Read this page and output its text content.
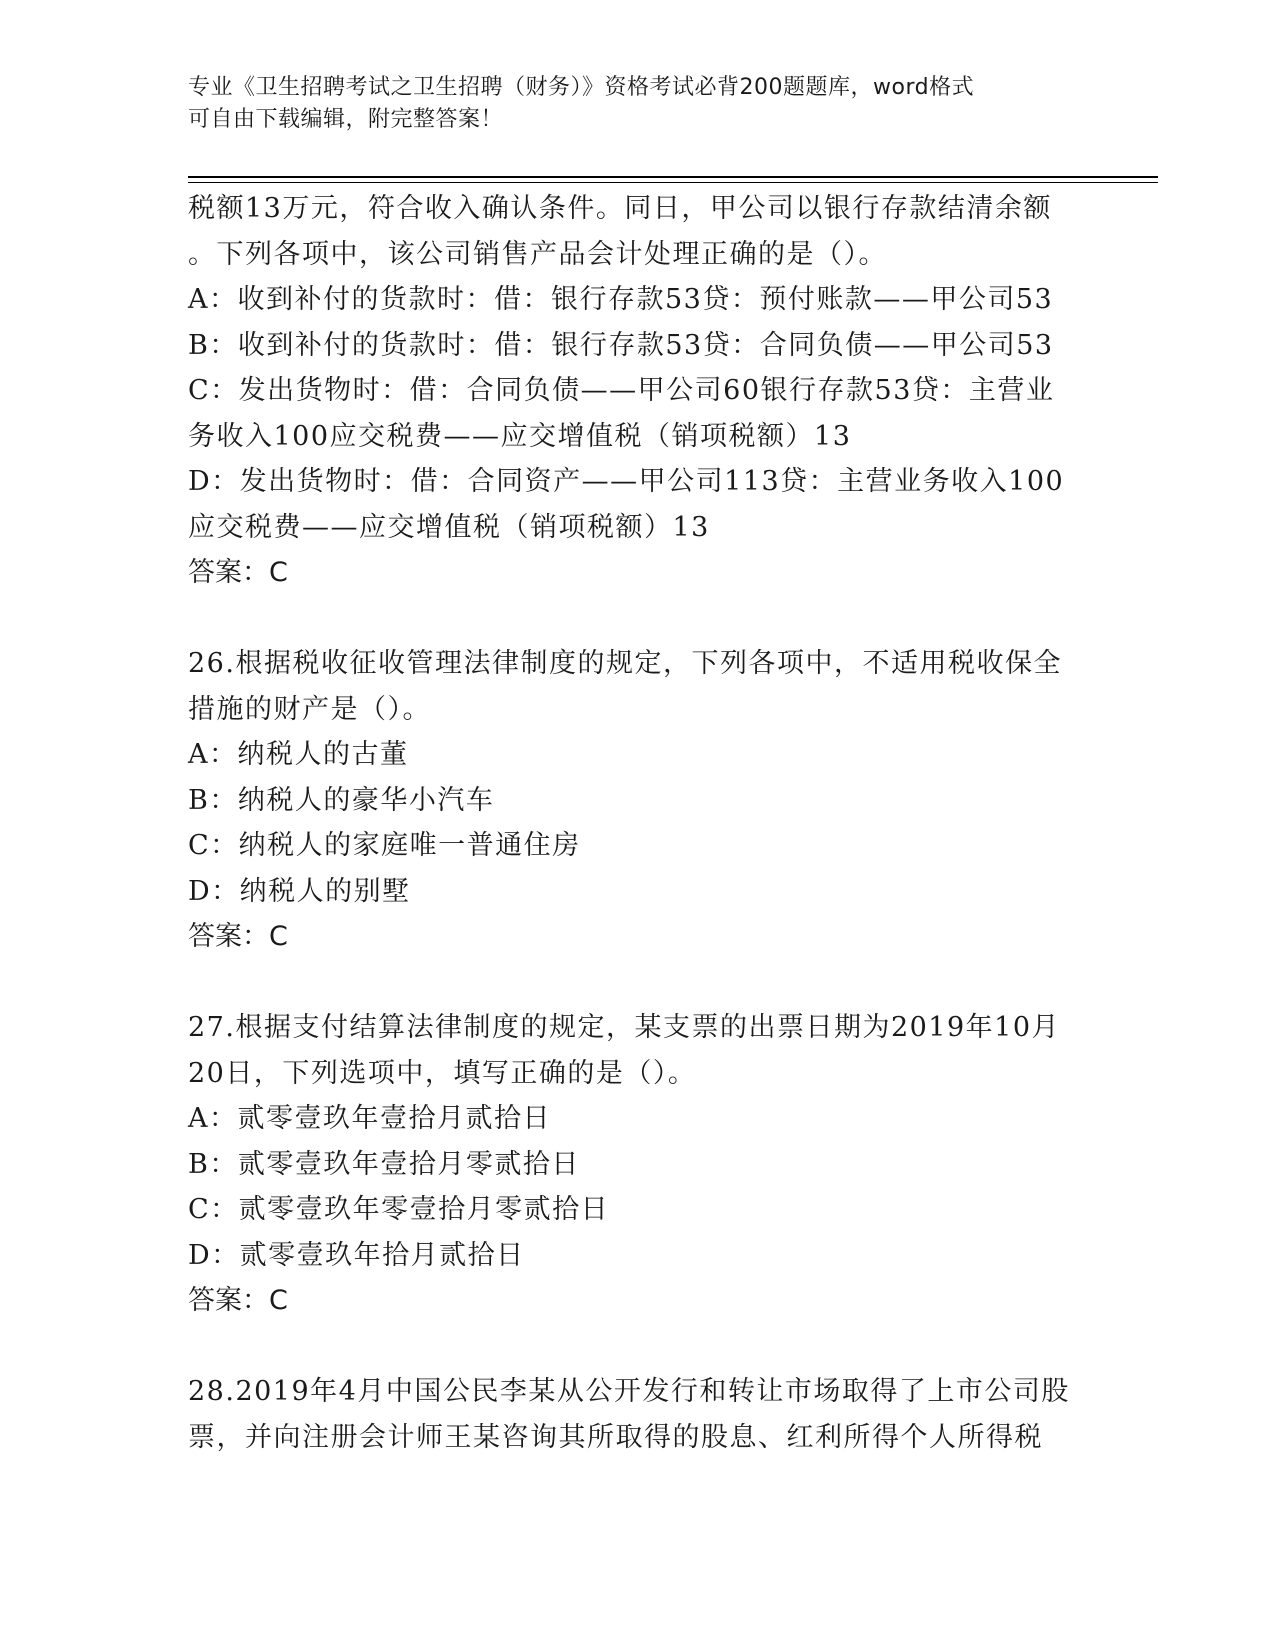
专业《卫生招聘考试之卫生招聘（财务）》资格考试必背200题题库，word格式
可自由下载编辑，附完整答案！
税额13万元，符合收入确认条件。同日，甲公司以银行存款结清余额
。下列各项中，该公司销售产品会计处理正确的是（）。
A：收到补付的货款时：借：银行存款53贷：预付账款——甲公司53
B：收到补付的货款时：借：银行存款53贷：合同负债——甲公司53
C：发出货物时：借：合同负债——甲公司60银行存款53贷：主营业
务收入100应交税费——应交增值税（销项税额）13
D：发出货物时：借：合同资产——甲公司113贷：主营业务收入100
应交税费——应交增值税（销项税额）13
答案：C
26.根据税收征收管理法律制度的规定，下列各项中，不适用税收保全
措施的财产是（）。
A：纳税人的古董
B：纳税人的豪华小汽车
C：纳税人的家庭唯一普通住房
D：纳税人的别墅
答案：C
27.根据支付结算法律制度的规定，某支票的出票日期为2019年10月
20日，下列选项中，填写正确的是（）。
A：贰零壹玖年壹拾月贰拾日
B：贰零壹玖年壹拾月零贰拾日
C：贰零壹玖年零壹拾月零贰拾日
D：贰零壹玖年拾月贰拾日
答案：C
28.2019年4月中国公民李某从公开发行和转让市场取得了上市公司股
票，并向注册会计师王某咨询其所取得的股息、红利所得个人所得税
